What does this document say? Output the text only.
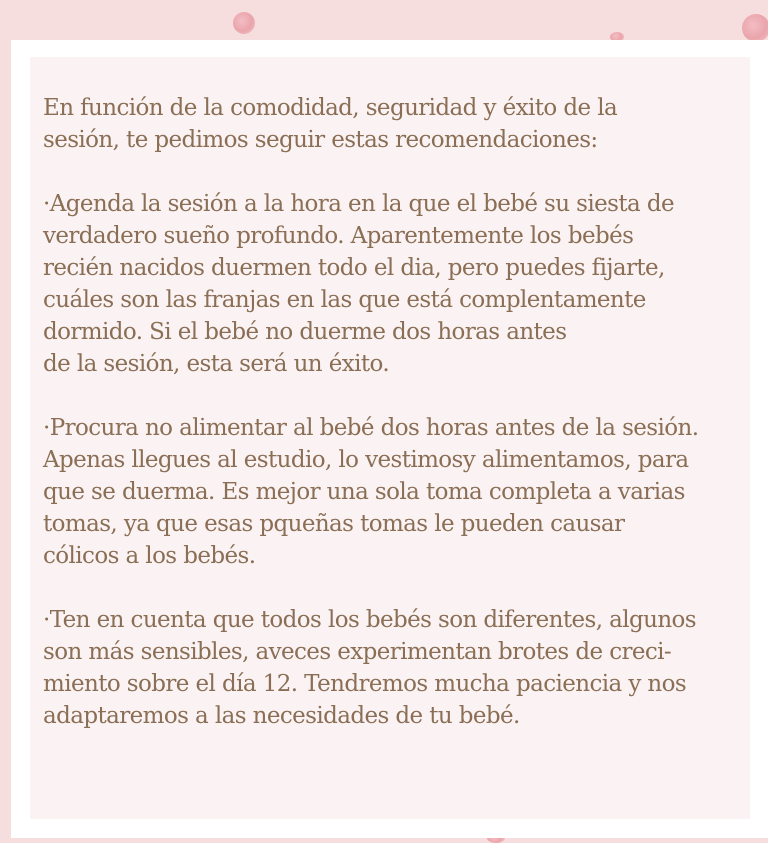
En función de la comodidad, seguridad y éxito de la
sesión, te pedimos seguir estas recomendaciones:

·Agenda la sesión a la hora en la que el bebé su siesta de
verdadero sueño profundo. Aparentemente los bebés
recién nacidos duermen todo el dia, pero puedes fijarte,
cuáles son las franjas en las que está complentamente
dormido. Si el bebé no duerme dos horas antes
de la sesión, esta será un éxito.

·Procura no alimentar al bebé dos horas antes de la sesión.
Apenas llegues al estudio, lo vestimosy alimentamos, para
que se duerma. Es mejor una sola toma completa a varias
tomas, ya que esas pqueñas tomas le pueden causar
cólicos a los bebés.

·Ten en cuenta que todos los bebés son diferentes, algunos
son más sensibles, aveces experimentan brotes de creci-
miento sobre el día 12. Tendremos mucha paciencia y nos
adaptaremos a las necesidades de tu bebé.
